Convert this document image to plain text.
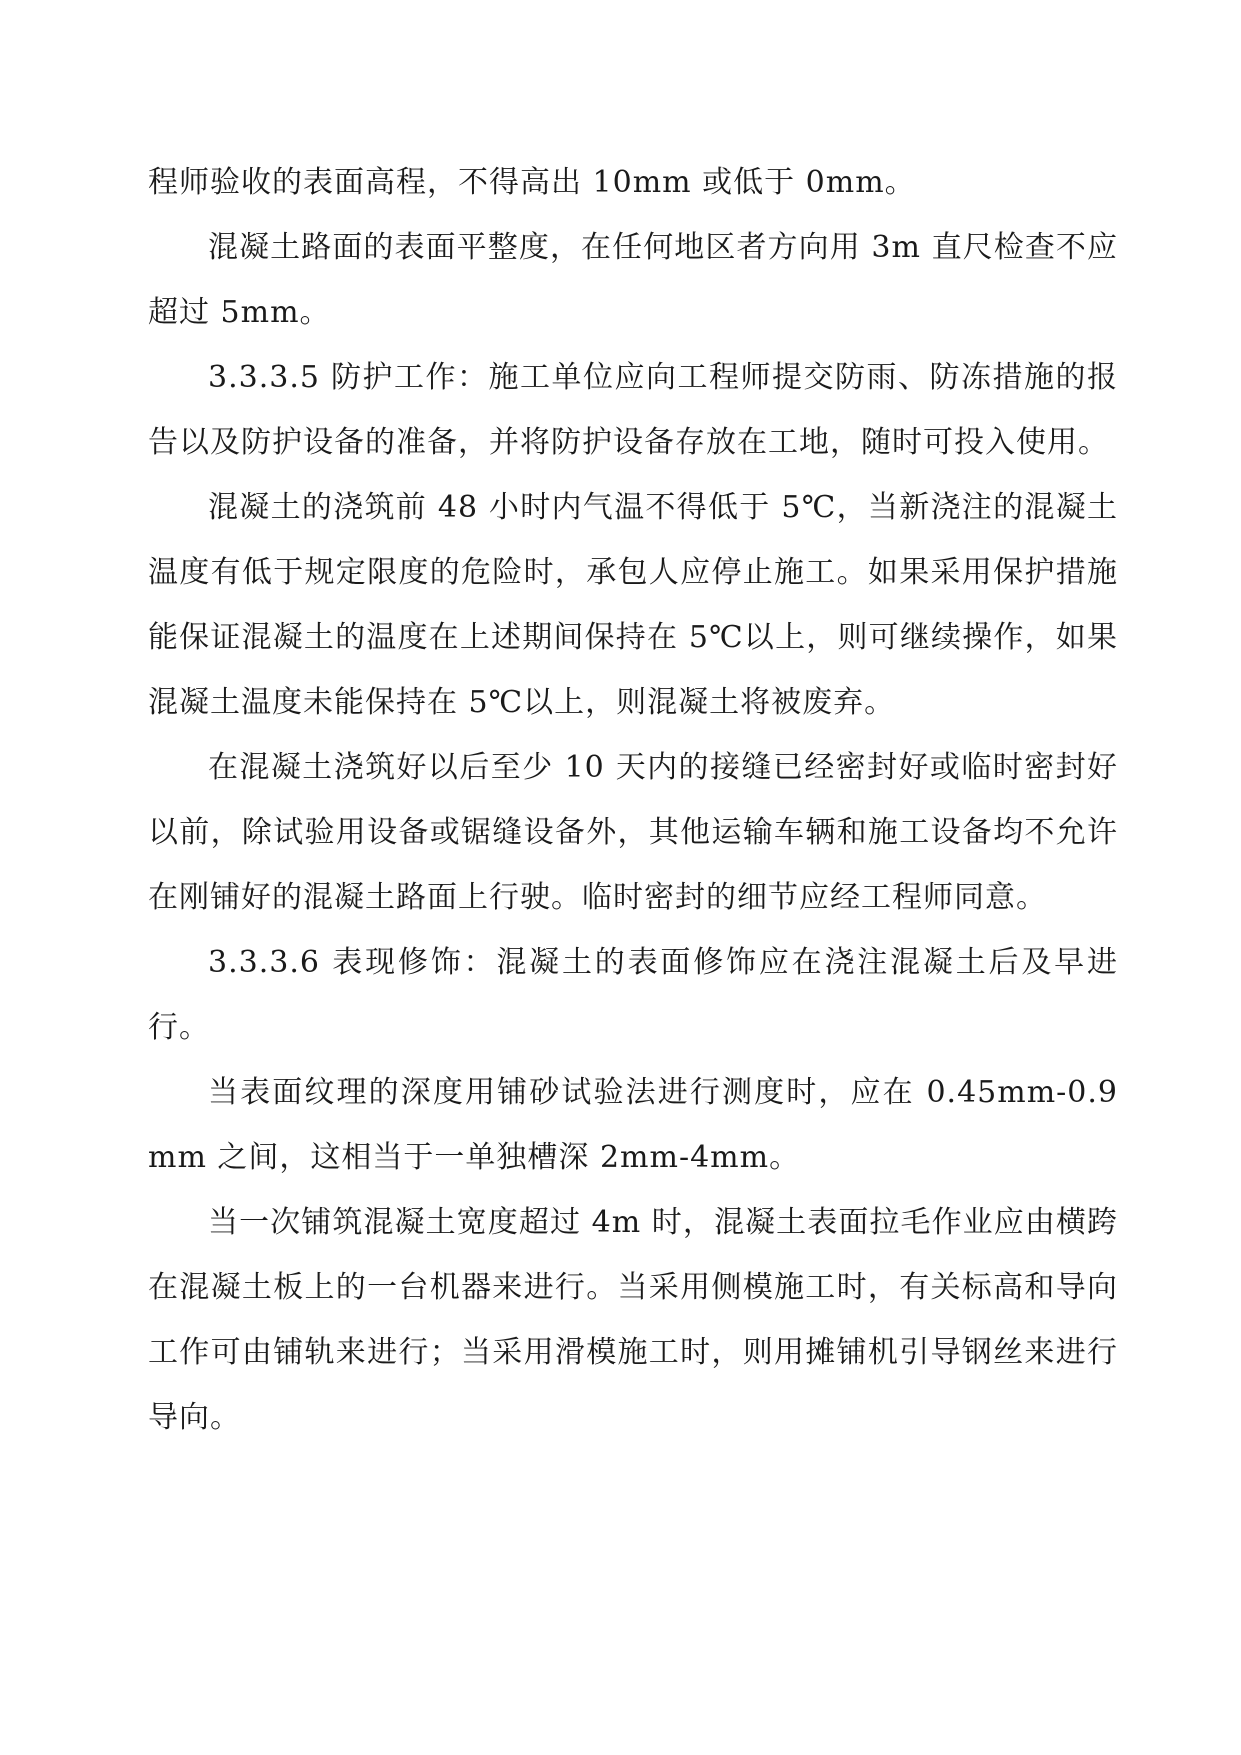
程师验收的表面高程，不得高出 10mm 或低于 0mm。

混凝土路面的表面平整度，在任何地区者方向用 3m 直尺检查不应超过 5mm。

3.3.3.5 防护工作：施工单位应向工程师提交防雨、防冻措施的报告以及防护设备的准备，并将防护设备存放在工地，随时可投入使用。

混凝土的浇筑前 48 小时内气温不得低于 5℃，当新浇注的混凝土温度有低于规定限度的危险时，承包人应停止施工。如果采用保护措施能保证混凝土的温度在上述期间保持在 5℃以上，则可继续操作，如果混凝土温度未能保持在 5℃以上，则混凝土将被废弃。

在混凝土浇筑好以后至少 10 天内的接缝已经密封好或临时密封好以前，除试验用设备或锯缝设备外，其他运输车辆和施工设备均不允许在刚铺好的混凝土路面上行驶。临时密封的细节应经工程师同意。

3.3.3.6 表现修饰：混凝土的表面修饰应在浇注混凝土后及早进行。

当表面纹理的深度用铺砂试验法进行测度时，应在 0.45mm-0.9mm 之间，这相当于一单独槽深 2mm-4mm。

当一次铺筑混凝土宽度超过 4m 时，混凝土表面拉毛作业应由横跨在混凝土板上的一台机器来进行。当采用侧模施工时，有关标高和导向工作可由铺轨来进行；当采用滑模施工时，则用摊铺机引导钢丝来进行导向。
